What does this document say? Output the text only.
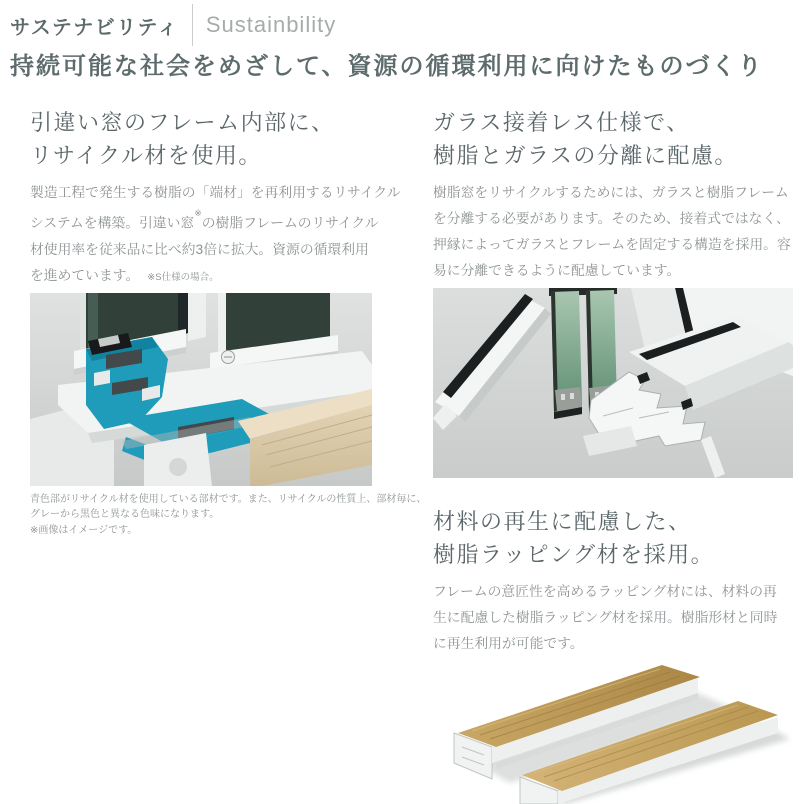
サステナビリティ Sustainbility
持続可能な社会をめざして、資源の循環利用に向けたものづくり
引違い窓のフレーム内部に、
リサイクル材を使用。

製造工程で発生する樹脂の「端材」を再利用するリサイクル
システムを構築。引違い窓※の樹脂フレームのリサイクル
材使用率を従来品に比べ約3倍に拡大。資源の循環利用
を進めています。 ※S仕様の場合。

青色部がリサイクル材を使用している部材です。また、リサイクルの性質上、部材毎に、
グレーから黒色と異なる色味になります。
※画像はイメージです。
ガラス接着レス仕様で、
樹脂とガラスの分離に配慮。

樹脂窓をリサイクルするためには、ガラスと樹脂フレーム
を分離する必要があります。そのため、接着式ではなく、
押縁によってガラスとフレームを固定する構造を採用。容
易に分離できるように配慮しています。

材料の再生に配慮した、
樹脂ラッピング材を採用。

フレームの意匠性を高めるラッピング材には、材料の再
生に配慮した樹脂ラッピング材を採用。樹脂形材と同時
に再生利用が可能です。
